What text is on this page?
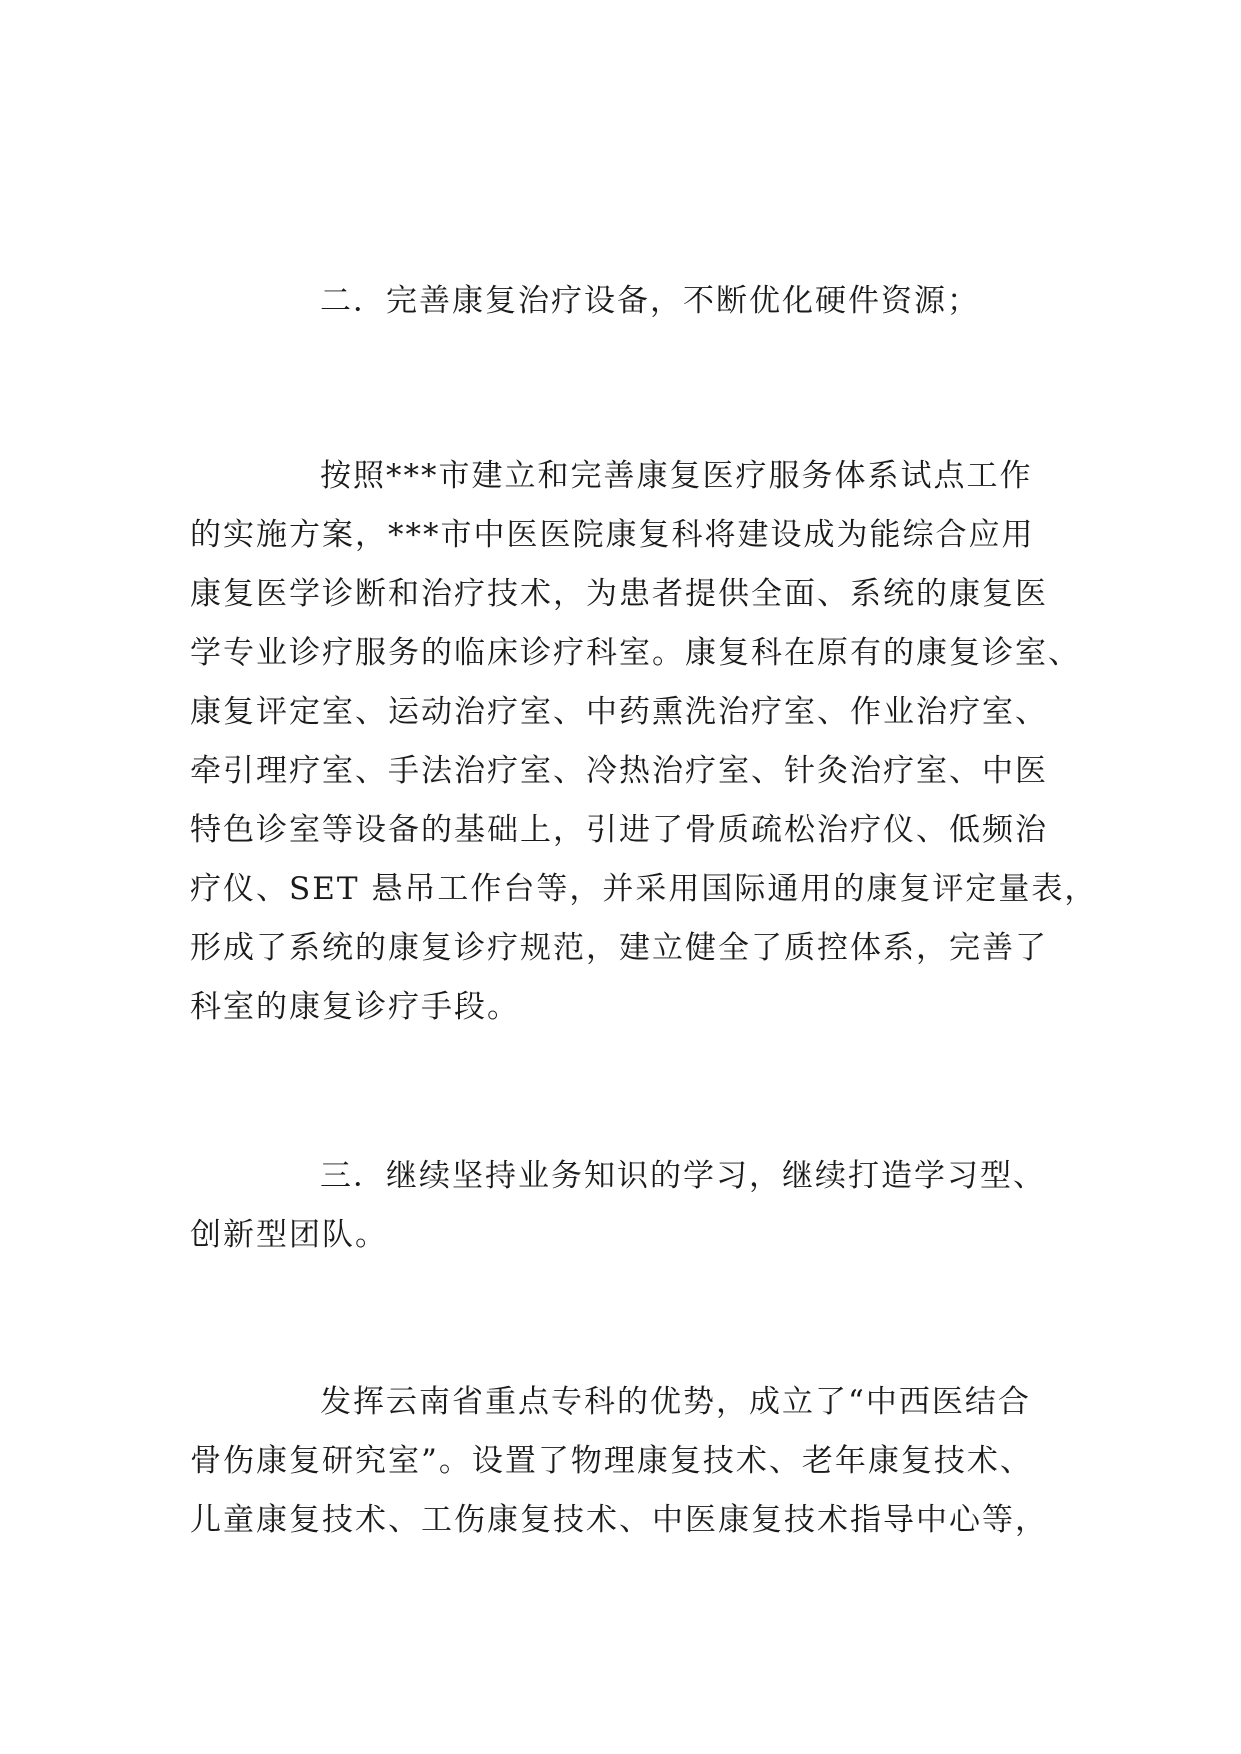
二．完善康复治疗设备，不断优化硬件资源；
按照***市建立和完善康复医疗服务体系试点工作
的实施方案，***市中医医院康复科将建设成为能综合应用
康复医学诊断和治疗技术，为患者提供全面、系统的康复医
学专业诊疗服务的临床诊疗科室。康复科在原有的康复诊室、
康复评定室、运动治疗室、中药熏洗治疗室、作业治疗室、
牵引理疗室、手法治疗室、冷热治疗室、针灸治疗室、中医
特色诊室等设备的基础上，引进了骨质疏松治疗仪、低频治
疗仪、SET 悬吊工作台等，并采用国际通用的康复评定量表，
形成了系统的康复诊疗规范，建立健全了质控体系，完善了
科室的康复诊疗手段。
三．继续坚持业务知识的学习，继续打造学习型、
创新型团队。
发挥云南省重点专科的优势，成立了“中西医结合
骨伤康复研究室”。设置了物理康复技术、老年康复技术、
儿童康复技术、工伤康复技术、中医康复技术指导中心等，
